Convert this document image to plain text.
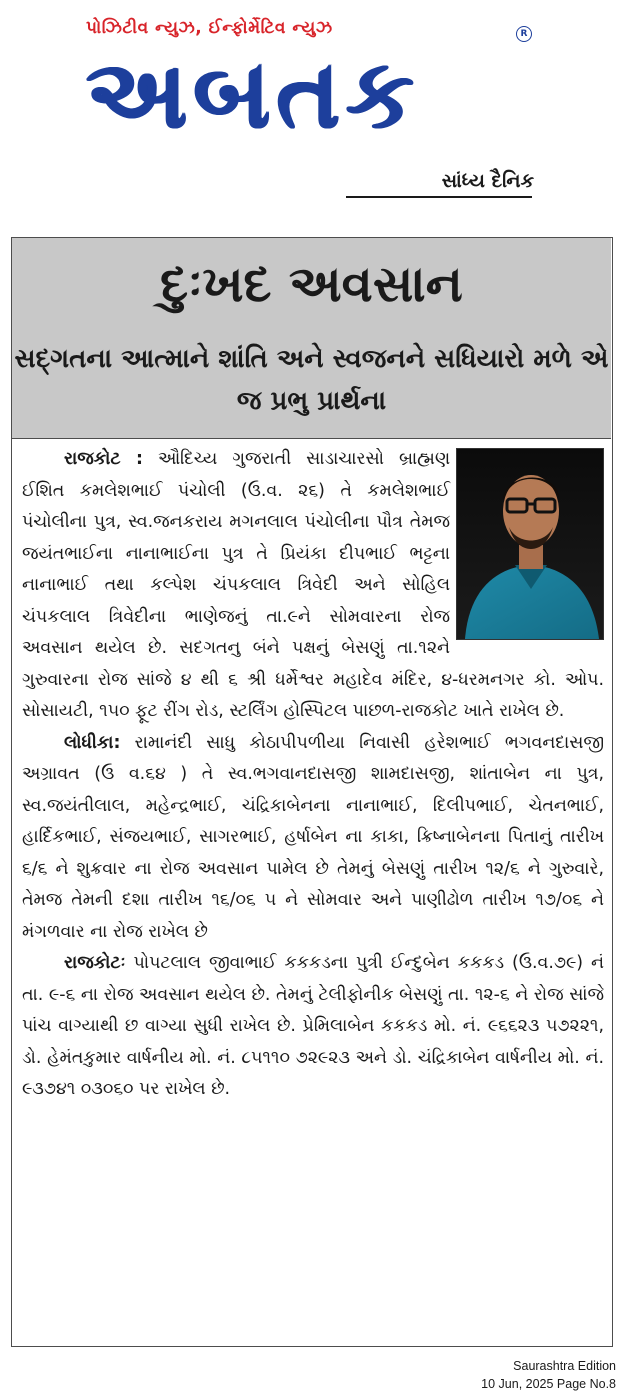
પોઝિટીવ ન્યુઝ, ઈન્ફોર્મેટિવ ન્યુઝ	R
અબતક
સાંધ્ય દૈનિક
દુઃખદ અવસાન
સદ્‌ગતના આત્માને શાંતિ અને સ્વજનને સધિયારો મળે એ જ પ્રભુ પ્રાર્થના

રાજકોટ : ઔદિચ્ય ગુજરાતી સાડાચારસો બ્રાહ્મણ ઈશિત કમલેશભાઈ પંચોલી (ઉ.વ. ૨૬) તે કમલેશભાઈ પંચોલીના પુત્ર, સ્વ.જનકરાય મગનલાલ પંચોલીના પૌત્ર તેમજ જયંતભાઈના નાનાભાઈના પુત્ર તે પ્રિયંકા દીપભાઈ ભટ્ટના નાનાભાઈ તથા કલ્પેશ ચંપકલાલ ત્રિવેદી અને સોહિલ ચંપકલાલ ત્રિવેદીના ભાણેજનું તા.૯ને સોમવારના રોજ અવસાન થયેલ છે. સદગતનુ બંને પક્ષનું બેસણું તા.૧૨ને ગુરુવારના રોજ સાંજે ૪ થી ૬ શ્રી ધર્મેશ્વર મહાદેવ મંદિર, ૪-ધરમનગર કો. ઓપ. સોસાયટી, ૧૫૦ ફૂટ રીંગ રોડ, સ્ટર્લિંગ હોસ્પિટલ પાછળ-રાજકોટ ખાતે રાખેલ છે.

લોધીકા: રામાનંદી સાધુ કોઠાપીપળીયા નિવાસી હરેશભાઈ ભગવનદાસજી અગ્રાવત (ઉ વ.૬૪ ) તે સ્વ.ભગવાનદાસજી શામદાસજી, શાંતાબેન ના પુત્ર, સ્વ.જયંતીલાલ, મહેન્દ્રભાઈ, ચંદ્રિકાબેનના નાનાભાઈ, દિલીપભાઈ, ચેતનભાઈ, હાર્દિકભાઈ, સંજયભાઈ, સાગરભાઈ, હર્ષાબેન ના કાકા, ક્રિષ્નાબેનના પિતાનું તારીખ ૬/૬ ને શુક્રવાર ના રોજ અવસાન પામેલ છે તેમનું બેસણું તારીખ ૧૨/૬ ને ગુરુવારે, તેમજ તેમની દશા તારીખ ૧૬/૦૬ ૫ ને સોમવાર અને પાણીઢોળ તારીખ ૧૭/૦૬ ને મંગળવાર ના રોજ રાખેલ છે

રાજકોટઃ પોપટલાલ જીવાભાઈ કકકડના પુત્રી ઈન્દુબેન કકકડ (ઉ.વ.૭૯) નં તા. ૯-૬ ના રોજ અવસાન થયેલ છે. તેમનું ટેલીફોનીક બેસણું તા. ૧૨-૬ ને રોજ સાંજે પાંચ વાગ્યાથી છ વાગ્યા સુધી રાખેલ છે. પ્રેમિલાબેન કકકડ મો. નં. ૯૬૬૨૩ ૫૭૨૨૧, ડો. હેમંતકુમાર વાર્ષનીય મો. નં. ૮૫૧૧૦ ૭૨૯૨૩ અને ડો. ચંદ્રિકાબેન વાર્ષનીય મો. નં. ૯૩૭૪૧ ૦૩૦૬૦ પર રાખેલ છે.

Saurashtra Edition
10 Jun, 2025 Page No.8
